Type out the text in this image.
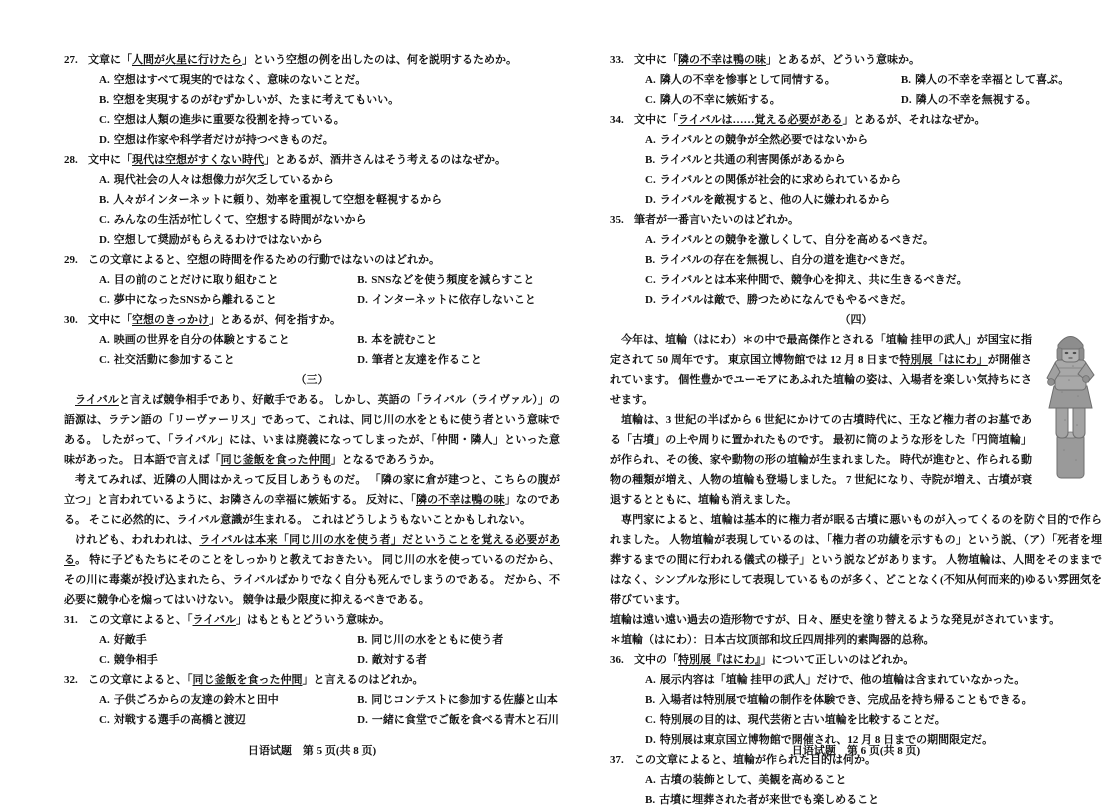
27. 文章に「人間が火星に行けたら」という空想の例を出したのは、何を説明するためか。
A. 空想はすべて現実的ではなく、意味のないことだ。
B. 空想を実現するのがむずかしいが、たまに考えてもいい。
C. 空想は人類の進歩に重要な役割を持っている。
D. 空想は作家や科学者だけが持つべきものだ。
28. 文中に「現代は空想がすくない時代」とあるが、酒井さんはそう考えるのはなぜか。
A. 現代社会の人々は想像力が欠乏しているから
B. 人々がインターネットに頼り、効率を重視して空想を軽視するから
C. みんなの生活が忙しくて、空想する時間がないから
D. 空想して奨励がもらえるわけではないから
29. この文章によると、空想の時間を作るための行動ではないのはどれか。
A. 目の前のことだけに取り組むこと	B. SNSなどを使う頻度を減らすこと
C. 夢中になったSNSから離れること	D. インターネットに依存しないこと
30. 文中に「空想のきっかけ」とあるが、何を指すか。
A. 映画の世界を自分の体験とすること	B. 本を読むこと
C. 社交活動に参加すること	D. 筆者と友達を作ること
（三）
ライバルと言えば競争相手であり、好敵手である。 しかし、英語の「ライバル（ライヴァル）」の語源は、ラテン語の「リーヴァーリス」であって、これは、同じ川の水をともに使う者という意味である。 したがって、「ライバル」には、いまは廃義になってしまったが、「仲間・隣人」といった意味があった。 日本語で言えば「同じ釜飯を食った仲間」となるであろうか。
考えてみれば、近隣の人間はかえって反目しあうものだ。 「隣の家に倉が建つと、こちらの腹が立つ」と言われているように、お隣さんの幸福に嫉妬する。 反対に、「隣の不幸は鴨の味」なのである。 そこに必然的に、ライバル意識が生まれる。 これはどうしようもないことかもしれない。
けれども、われわれは、ライバルは本来「同じ川の水を使う者」だということを覚える必要がある。 特に子どもたちにそのことをしっかりと教えておきたい。 同じ川の水を使っているのだから、その川に毒薬が投げ込まれたら、ライバルばかりでなく自分も死んでしまうのである。 だから、不必要に競争心を煽ってはいけない。 競争は最少限度に抑えるべきである。
31. この文章によると、「ライバル」はもともとどういう意味か。
A. 好敵手	B. 同じ川の水をともに使う者
C. 競争相手	D. 敵対する者
32. この文章によると、「同じ釜飯を食った仲間」と言えるのはどれか。
A. 子供ごろからの友達の鈴木と田中	B. 同じコンテストに参加する佐藤と山本
C. 対戦する選手の高橋と渡辺	D. 一緒に食堂でご飯を食べる青木と石川
33. 文中に「隣の不幸は鴨の味」とあるが、どういう意味か。
A. 隣人の不幸を惨事として同情する。	B. 隣人の不幸を幸福として喜ぶ。
C. 隣人の不幸に嫉妬する。	D. 隣人の不幸を無視する。
34. 文中に「ライバルは……覚える必要がある」とあるが、それはなぜか。
A. ライバルとの競争が全然必要ではないから
B. ライバルと共通の利害関係があるから
C. ライバルとの関係が社会的に求められているから
D. ライバルを敵視すると、他の人に嫌われるから
35. 筆者が一番言いたいのはどれか。
A. ライバルとの競争を激しくして、自分を高めるべきだ。
B. ライバルの存在を無視し、自分の道を進むべきだ。
C. ライバルとは本来仲間で、競争心を抑え、共に生きるべきだ。
D. ライバルは敵で、勝つためになんでもやるべきだ。
（四）
今年は、埴輪（はにわ）＊の中で最高傑作とされる「埴輪 挂甲の武人」が国宝に指定されて 50 周年です。 東京国立博物館では 12 月 8 日まで特別展「はにわ」が開催されています。 個性豊かでユーモアにあふれた埴輪の姿は、入場者を楽しい気持ちにさせます。
埴輪は、3 世紀の半ばから 6 世紀にかけての古墳時代に、王など権力者のお墓である「古墳」の上や周りに置かれたものです。 最初に筒のような形をした「円筒埴輪」が作られ、その後、家や動物の形の埴輪が生まれました。 時代が進むと、作られる動物の種類が増え、人物の埴輪も登場しました。 7 世紀になり、寺院が増え、古墳が衰退するとともに、埴輪も消えました。
専門家によると、埴輪は基本的に権力者が眠る古墳に悪いものが入ってくるのを防ぐ目的で作られました。 人物埴輪が表現しているのは、「権力者の功績を示すもの」という説、（ア）「死者を埋葬するまでの間に行われる儀式の様子」という説などがあります。 人物埴輪は、人間をそのままではなく、シンプルな形にして表現しているものが多く、どことなく(不知从何而来的)ゆるい雰囲気を帯びています。
埴輪は遠い遠い過去の造形物ですが、日々、歴史を塗り替えるような発見がされています。
＊埴輪（はにわ）：日本古坟顶部和坟丘四周排列的素陶器的总称。
36. 文中の「特別展『はにわ』」について正しいのはどれか。
A. 展示内容は「埴輪 挂甲の武人」だけで、他の埴輪は含まれていなかった。
B. 入場者は特別展で埴輪の制作を体験でき、完成品を持ち帰ることもできる。
C. 特別展の目的は、現代芸術と古い埴輪を比較することだ。
D. 特別展は東京国立博物館で開催され、12 月 8 日までの期間限定だ。
37. この文章によると、埴輪が作られた目的は何か。
A. 古墳の装飾として、美観を高めること
B. 古墳に埋葬された者が来世でも楽しめること
日语试题　第 5 页(共 8 页)	日语试题　第 6 页(共 8 页)
